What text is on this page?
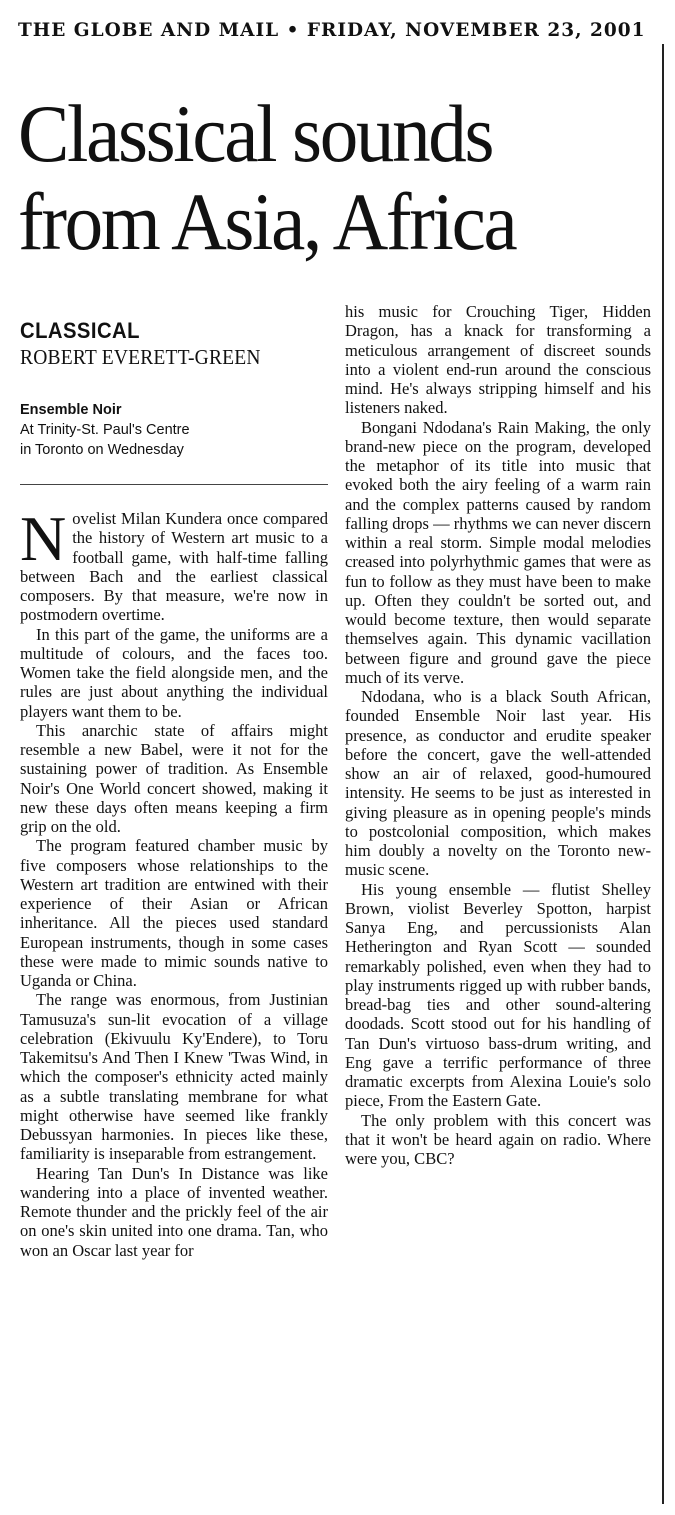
THE GLOBE AND MAIL • FRIDAY, NOVEMBER 23, 2001
Classical sounds
from Asia, Africa
CLASSICAL
ROBERT EVERETT-GREEN
Ensemble Noir
At Trinity-St. Paul's Centre
in Toronto on Wednesday

Novelist Milan Kundera once compared the history of Western art music to a football game, with half-time falling between Bach and the earliest classical composers. By that measure, we're now in postmodern overtime.

In this part of the game, the uniforms are a multitude of colours, and the faces too. Women take the field alongside men, and the rules are just about anything the individual players want them to be.

This anarchic state of affairs might resemble a new Babel, were it not for the sustaining power of tradition. As Ensemble Noir's One World concert showed, making it new these days often means keeping a firm grip on the old.

The program featured chamber music by five composers whose relationships to the Western art tradition are entwined with their experience of their Asian or African inheritance. All the pieces used standard European instruments, though in some cases these were made to mimic sounds native to Uganda or China.

The range was enormous, from Justinian Tamusuza's sun-lit evocation of a village celebration (Ekivuulu Ky'Endere), to Toru Takemitsu's And Then I Knew 'Twas Wind, in which the composer's ethnicity acted mainly as a subtle translating membrane for what might otherwise have seemed like frankly Debussyan harmonies. In pieces like these, familiarity is inseparable from estrangement.

Hearing Tan Dun's In Distance was like wandering into a place of invented weather. Remote thunder and the prickly feel of the air on one's skin united into one drama. Tan, who won an Oscar last year for

his music for Crouching Tiger, Hidden Dragon, has a knack for transforming a meticulous arrangement of discreet sounds into a violent end-run around the conscious mind. He's always stripping himself and his listeners naked.

Bongani Ndodana's Rain Making, the only brand-new piece on the program, developed the metaphor of its title into music that evoked both the airy feeling of a warm rain and the complex patterns caused by random falling drops — rhythms we can never discern within a real storm. Simple modal melodies creased into polyrhythmic games that were as fun to follow as they must have been to make up. Often they couldn't be sorted out, and would become texture, then would separate themselves again. This dynamic vacillation between figure and ground gave the piece much of its verve.

Ndodana, who is a black South African, founded Ensemble Noir last year. His presence, as conductor and erudite speaker before the concert, gave the well-attended show an air of relaxed, good-humoured intensity. He seems to be just as interested in giving pleasure as in opening people's minds to postcolonial composition, which makes him doubly a novelty on the Toronto new-music scene.

His young ensemble — flutist Shelley Brown, violist Beverley Spotton, harpist Sanya Eng, and percussionists Alan Hetherington and Ryan Scott — sounded remarkably polished, even when they had to play instruments rigged up with rubber bands, bread-bag ties and other sound-altering doodads. Scott stood out for his handling of Tan Dun's virtuoso bass-drum writing, and Eng gave a terrific performance of three dramatic excerpts from Alexina Louie's solo piece, From the Eastern Gate.

The only problem with this concert was that it won't be heard again on radio. Where were you, CBC?
